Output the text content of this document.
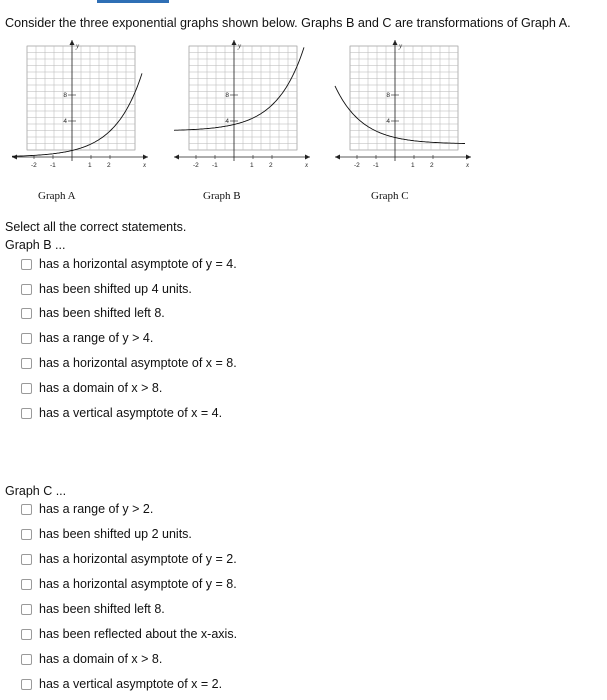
Consider the three exponential graphs shown below. Graphs B and C are transformations of Graph A.
-2 -1	1 2	x
y
8
4
-2 -1	1 2	x
y
8
4
-2 -1	1 2	x
y
8
4
Graph A	Graph B	Graph C
Select all the correct statements.
Graph B ...
has a horizontal asymptote of y = 4.
has been shifted up 4 units.
has been shifted left 8.
has a range of y > 4.
has a horizontal asymptote of x = 8.
has a domain of x > 8.
has a vertical asymptote of x = 4.
Graph C ...
has a range of y > 2.
has been shifted up 2 units.
has a horizontal asymptote of y = 2.
has a horizontal asymptote of y = 8.
has been shifted left 8.
has been reflected about the x-axis.
has a domain of x > 8.
has a vertical asymptote of x = 2.
